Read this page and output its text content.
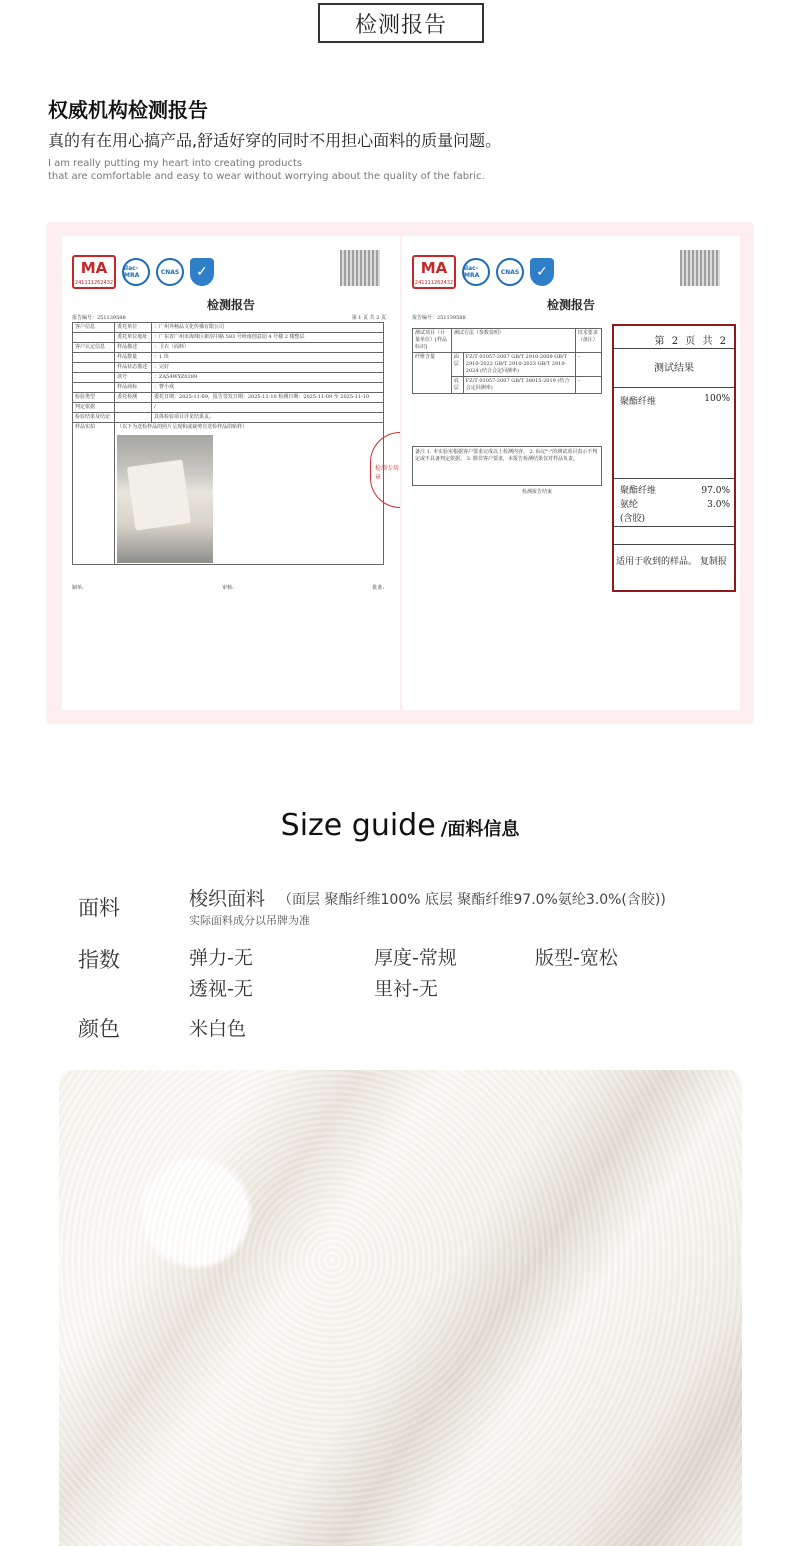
检测报告
权威机构检测报告
真的有在用心搞产品,舒适好穿的同时不用担心面料的质量问题。
I am really putting my heart into creating products
that are comfortable and easy to wear without worrying about the quality of the fabric.
MA
241111262432
ilac-MRA	CNAS	✓
检测报告
报告编号：251139588	第 1 页 共 2 页
客户信息	委托单位	：广州外畅品文化传播有限公司
	委托单位地址	：广东省广州市海珠区新滘中路 583 号岭南创意园 4 号楼 2 楼整层
客户认定信息	样品描述	：卫衣（面料）
	样品数量	：1 块
	样品状态描述	：完好
	款号	：ZA54WYZ0289
	样品商标	：曹小戒
检验类型	委托检测	委托日期：2025-11-09，报告签发日期：2025-11-10 检测日期：2025-11-09 至 2025-11-10
判定依据		/
检验结果及结论		具体检验项目详见结果页。
样品实拍	（以下为送检样品的照片呈现和或裁剪自送检样品的贴样）	
检测专用章
制单:	审核:	批准:
MA
241111262432
ilac-MRA	CNAS	✓
检测报告
报告编号：251139588
测试项目（计量单位）[样品标识]	测试方法（参数说明）		技术要求（备注）
纤维含量	面层	FZ/T 01057-2007 GB/T 2910-2009 GB/T 2910-2022 GB/T 2910-2023 GB/T 2910-2024 (结合会定回测率)	–
	底层	FZ/T 01057-2007 GB/T 38015-2019 (结合会定回测率)	–
备注 1. 本实验室根据客户要求完成以上检测内容。 2. 标记"-"的测试项目表示不判定或不具备判定依据。 3. 除非客户要求，本报告检测结果仅对样品负责。
检测报告结束
第 2 页 共 2
测试结果
聚酯纤维	100%
聚酯纤维	97.0%
氨纶	3.0%
(含胶)
适用于收到的样品。 复制报
Size guide /面料信息
面料	梭织面料 （面层 聚酯纤维100% 底层 聚酯纤维97.0%氨纶3.0%(含胶))
实际面料成分以吊牌为准
指数	弹力-无	厚度-常规	版型-宽松
透视-无	里衬-无
颜色	米白色
